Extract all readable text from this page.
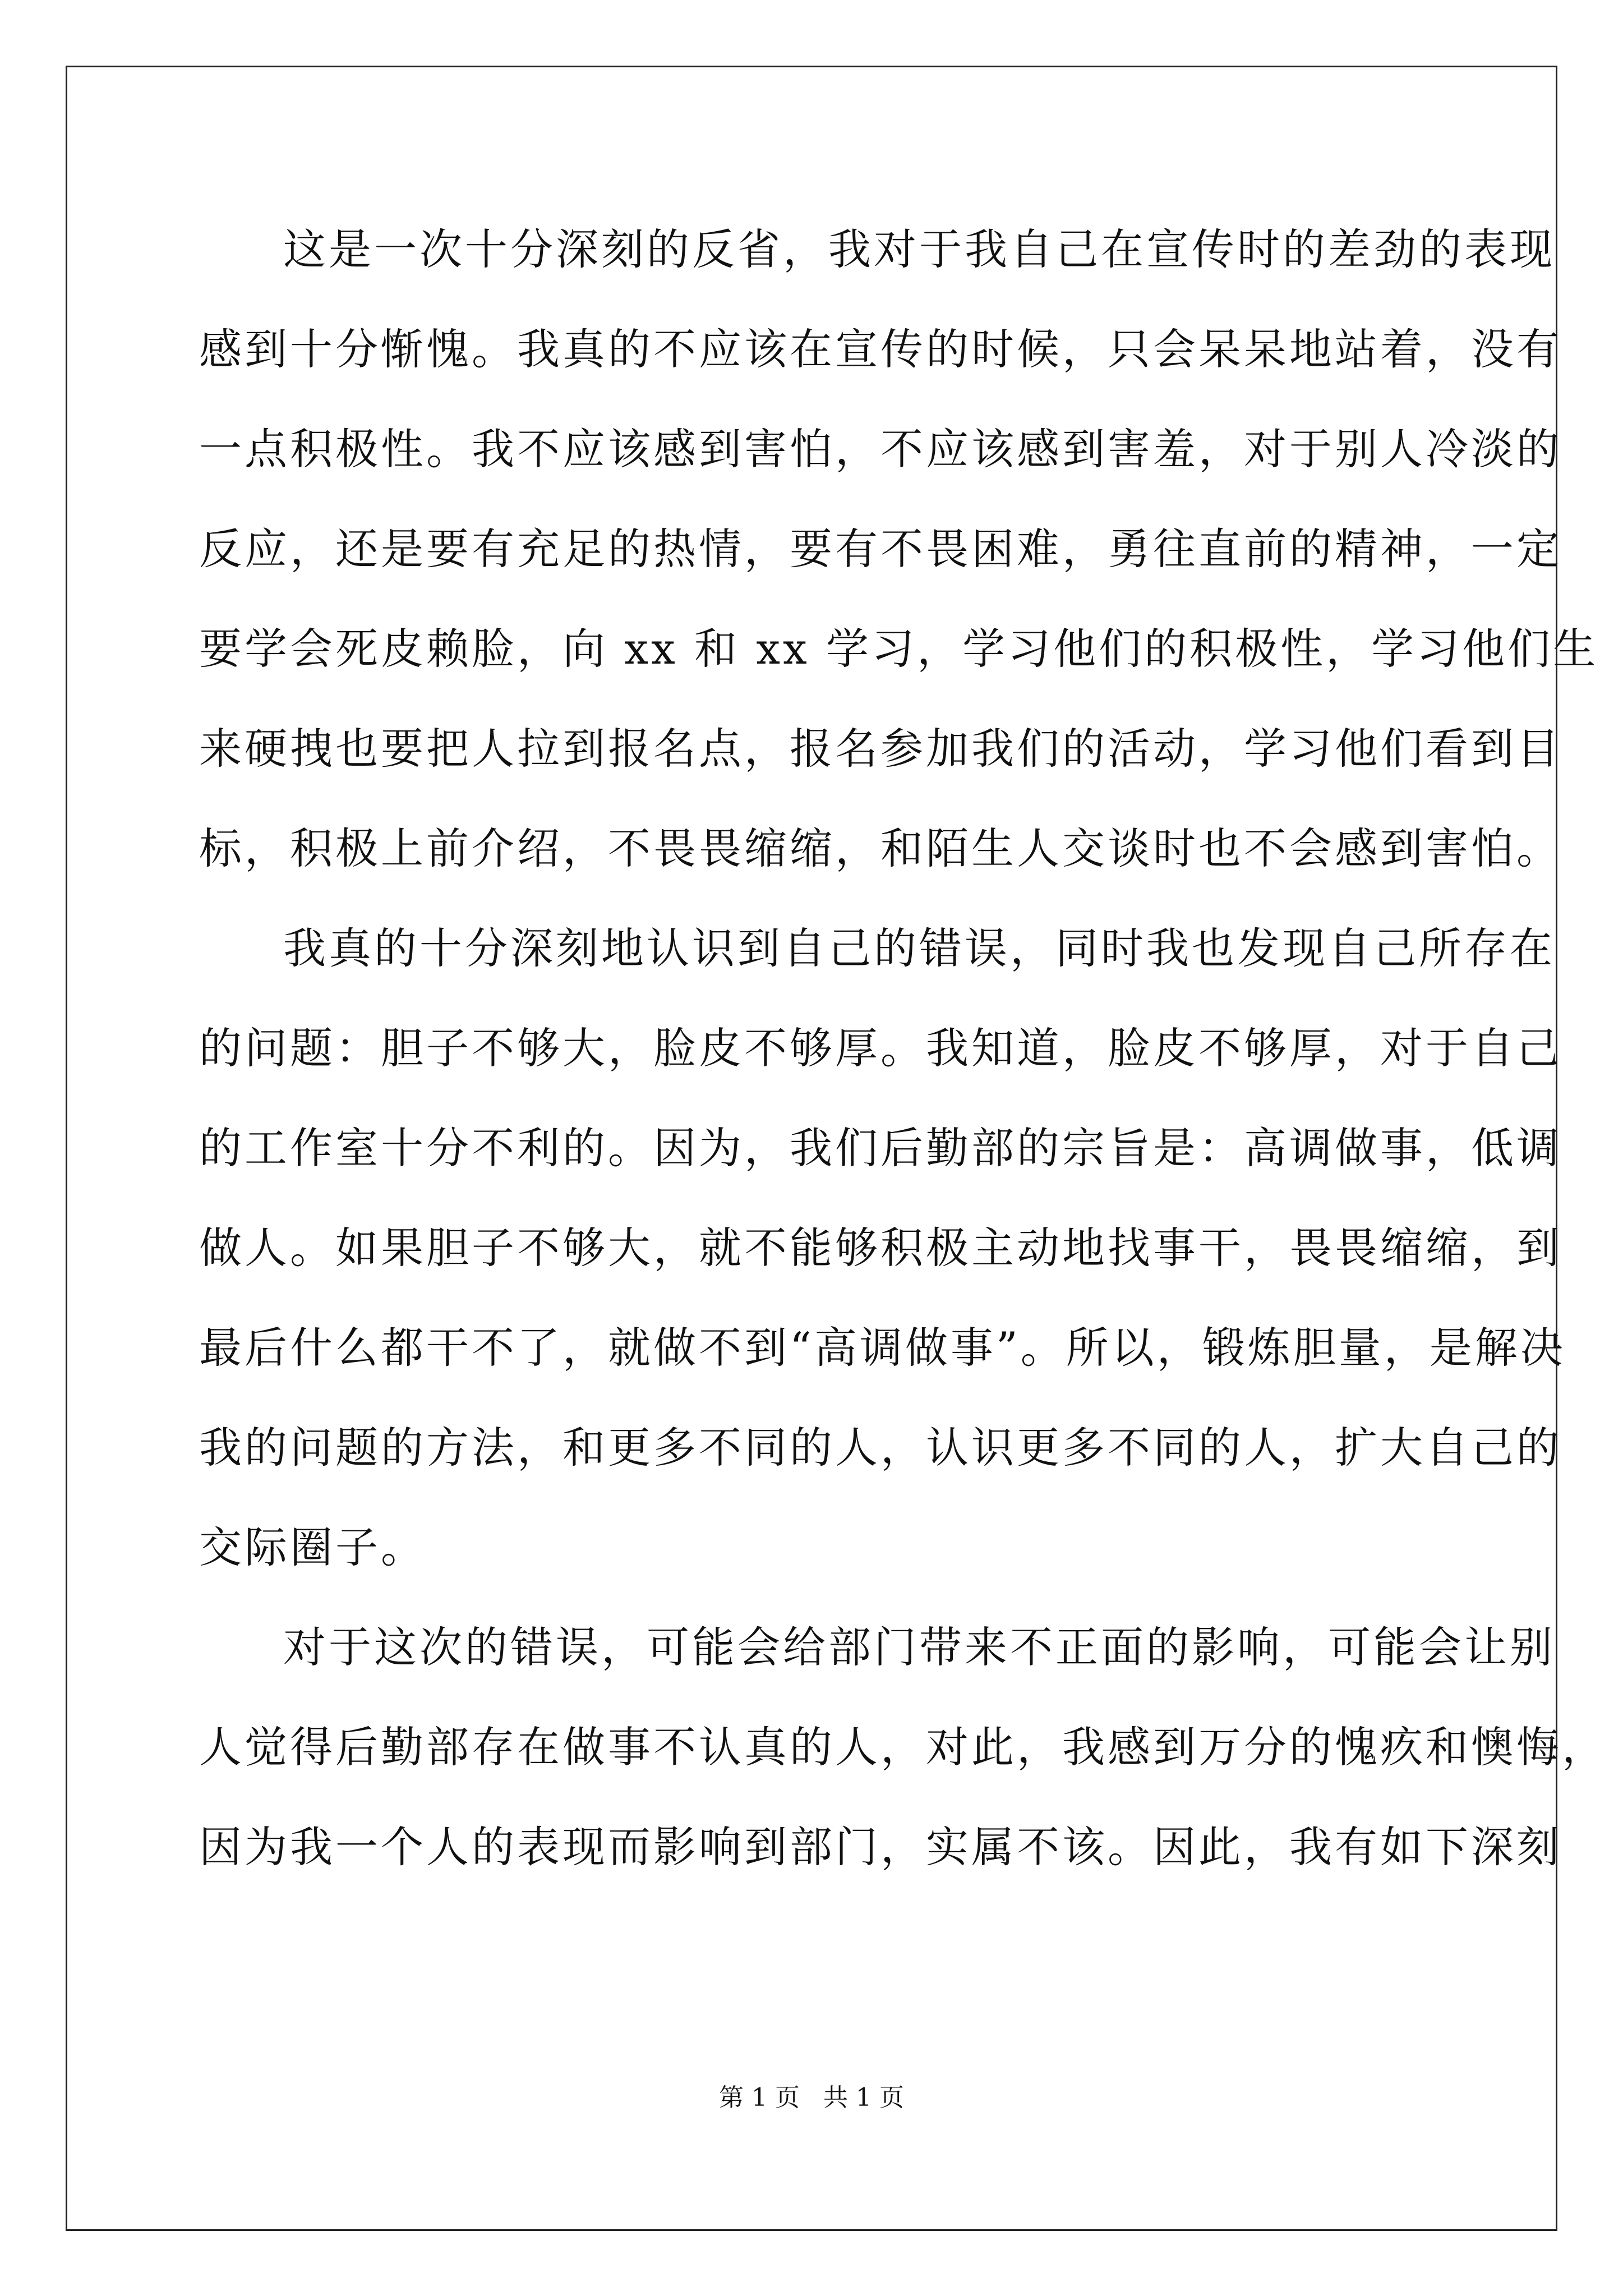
这是一次十分深刻的反省，我对于我自己在宣传时的差劲的表现
感到十分惭愧。我真的不应该在宣传的时候，只会呆呆地站着，没有
一点积极性。我不应该感到害怕，不应该感到害羞，对于别人冷淡的
反应，还是要有充足的热情，要有不畏困难，勇往直前的精神，一定
要学会死皮赖脸，向 xx 和 xx 学习，学习他们的积极性，学习他们生
来硬拽也要把人拉到报名点，报名参加我们的活动，学习他们看到目
标，积极上前介绍，不畏畏缩缩，和陌生人交谈时也不会感到害怕。
我真的十分深刻地认识到自己的错误，同时我也发现自己所存在
的问题：胆子不够大，脸皮不够厚。我知道，脸皮不够厚，对于自己
的工作室十分不利的。因为，我们后勤部的宗旨是：高调做事，低调
做人。如果胆子不够大，就不能够积极主动地找事干，畏畏缩缩，到
最后什么都干不了，就做不到“高调做事”。所以，锻炼胆量，是解决
我的问题的方法，和更多不同的人，认识更多不同的人，扩大自己的
交际圈子。
对于这次的错误，可能会给部门带来不正面的影响，可能会让别
人觉得后勤部存在做事不认真的人，对此，我感到万分的愧疚和懊悔，
因为我一个人的表现而影响到部门，实属不该。因此，我有如下深刻
第 1 页   共 1 页
